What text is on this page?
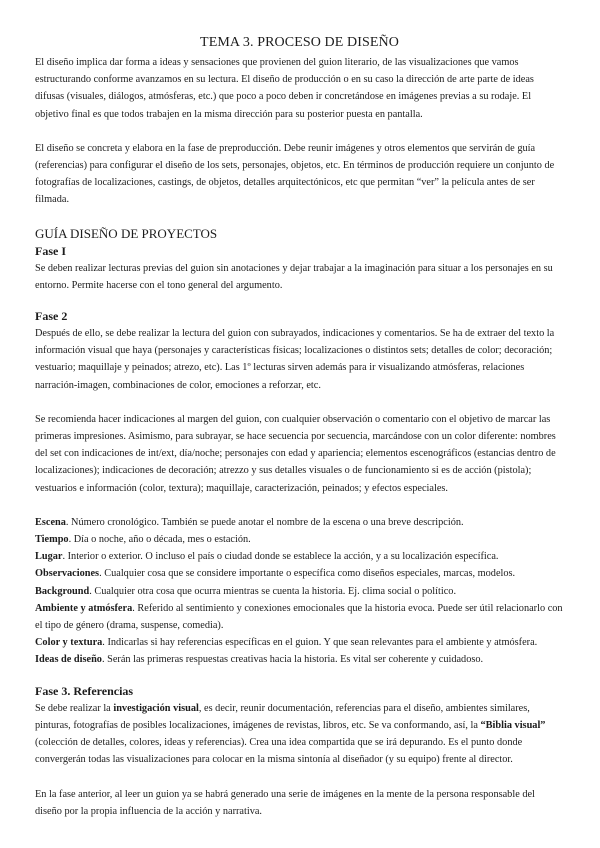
TEMA 3. PROCESO DE DISEÑO

El diseño implica dar forma a ideas y sensaciones que provienen del guion literario, de las visualizaciones que vamos estructurando conforme avanzamos en su lectura. El diseño de producción o en su caso la dirección de arte parte de ideas difusas (visuales, diálogos, atmósferas, etc.) que poco a poco deben ir concretándose en imágenes previas a su rodaje. El objetivo final es que todos trabajen en la misma dirección para su posterior puesta en pantalla.

El diseño se concreta y elabora en la fase de preproducción. Debe reunir imágenes y otros elementos que servirán de guía (referencias) para configurar el diseño de los sets, personajes, objetos, etc. En términos de producción requiere un conjunto de fotografías de localizaciones, castings, de objetos, detalles arquitectónicos, etc que permitan “ver” la película antes de ser filmada.

GUÍA DISEÑO DE PROYECTOS
Fase I

Se deben realizar lecturas previas del guion sin anotaciones y dejar trabajar a la imaginación para situar a los personajes en su entorno. Permite hacerse con el tono general del argumento.

Fase 2

Después de ello, se debe realizar la lectura del guion con subrayados, indicaciones y comentarios. Se ha de extraer del texto la información visual que haya (personajes y características físicas; localizaciones o distintos sets; detalles de color; decoración; vestuario; maquillaje y peinados; atrezo, etc). Las 1º lecturas sirven además para ir visualizando atmósferas, relaciones narración-imagen, combinaciones de color, emociones a reforzar, etc.

Se recomienda hacer indicaciones al margen del guion, con cualquier observación o comentario con el objetivo de marcar las primeras impresiones. Asimismo, para subrayar, se hace secuencia por secuencia, marcándose con un color diferente: nombres del set con indicaciones de int/ext, día/noche; personajes con edad y apariencia; elementos escenográficos (estancias dentro de localizaciones); indicaciones de decoración; atrezzo y sus detalles visuales o de funcionamiento si es de acción (pistola); vestuarios e información (color, textura); maquillaje, caracterización, peinados; y efectos especiales.

Escena. Número cronológico. También se puede anotar el nombre de la escena o una breve descripción.

Tiempo. Día o noche, año o década, mes o estación.

Lugar. Interior o exterior. O incluso el país o ciudad donde se establece la acción, y a su localización específica.

Observaciones. Cualquier cosa que se considere importante o específica como diseños especiales, marcas, modelos.

Background. Cualquier otra cosa que ocurra mientras se cuenta la historia. Ej. clima social o político.

Ambiente y atmósfera. Referido al sentimiento y conexiones emocionales que la historia evoca. Puede ser útil relacionarlo con el tipo de género (drama, suspense, comedia).

Color y textura. Indicarlas si hay referencias específicas en el guion. Y que sean relevantes para el ambiente y atmósfera.

Ideas de diseño. Serán las primeras respuestas creativas hacia la historia. Es vital ser coherente y cuidadoso.

Fase 3. Referencias

Se debe realizar la investigación visual, es decir, reunir documentación, referencias para el diseño, ambientes similares, pinturas, fotografías de posibles localizaciones, imágenes de revistas, libros, etc. Se va conformando, así, la “Biblia visual” (colección de detalles, colores, ideas y referencias). Crea una idea compartida que se irá depurando. Es el punto donde convergerán todas las visualizaciones para colocar en la misma sintonía al diseñador (y su equipo) frente al director.

En la fase anterior, al leer un guion ya se habrá generado una serie de imágenes en la mente de la persona responsable del diseño por la propia influencia de la acción y narrativa.
